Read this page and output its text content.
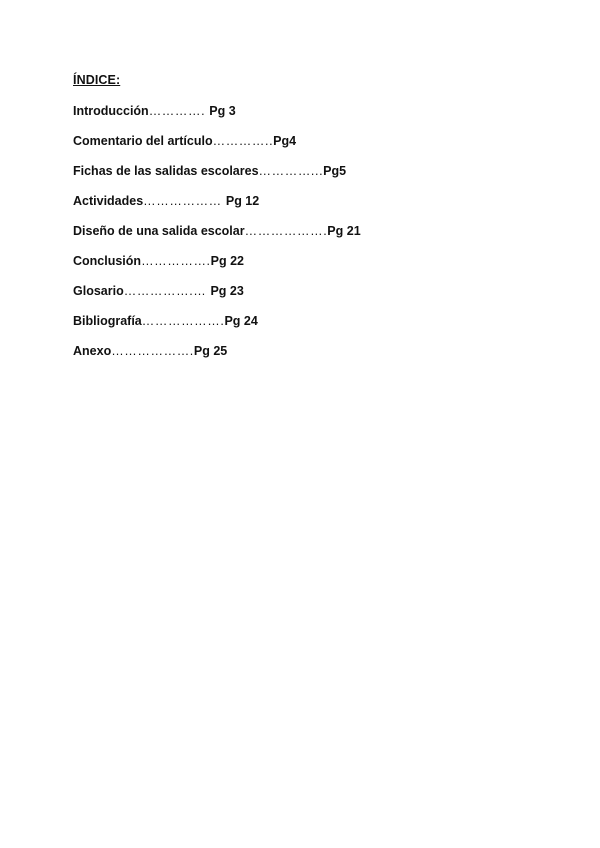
ÍNDICE:
Introducción…………. Pg 3
Comentario del artículo…………..Pg4
Fichas de las salidas escolares…………...Pg5
Actividades……………… Pg 12
Diseño de una salida escolar……………….Pg 21
Conclusión…………….Pg 22
Glosario…………….… Pg 23
Bibliografía……………….Pg 24
Anexo……………….Pg 25
